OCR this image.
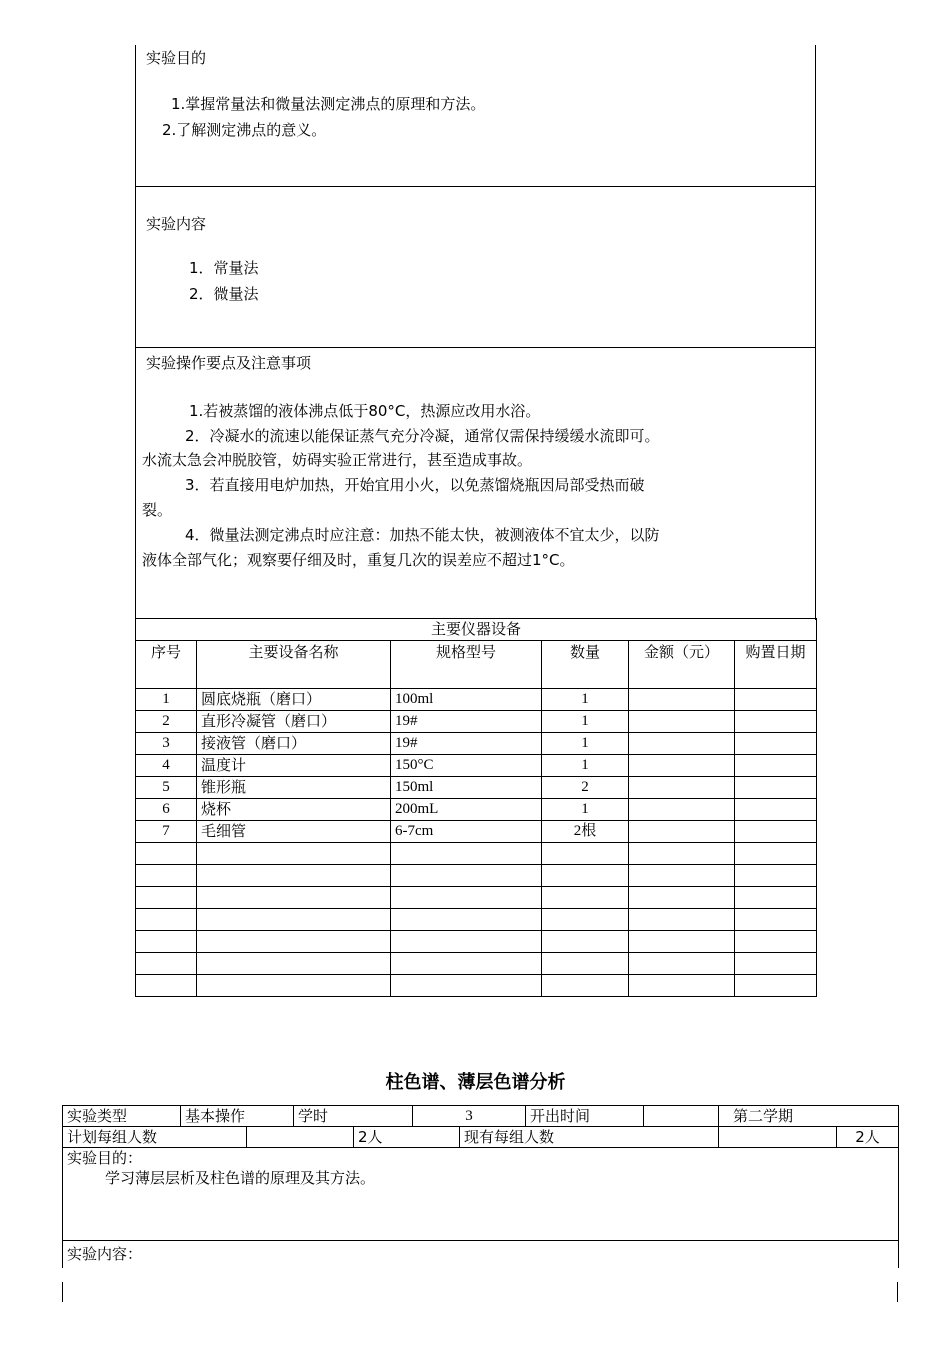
实验目的
1.掌握常量法和微量法测定沸点的原理和方法。
2.了解测定沸点的意义。
实验内容
1．常量法
2．微量法
实验操作要点及注意事项
1.若被蒸馏的液体沸点低于80°C，热源应改用水浴。
2．冷凝水的流速以能保证蒸气充分冷凝，通常仅需保持缓缓水流即可。
水流太急会冲脱胶管，妨碍实验正常进行，甚至造成事故。
3．若直接用电炉加热，开始宜用小火，以免蒸馏烧瓶因局部受热而破
裂。
4．微量法测定沸点时应注意：加热不能太快，被测液体不宜太少，以防
液体全部气化；观察要仔细及时，重复几次的误差应不超过1°C。
主要仪器设备					
序号	主要设备名称	规格型号	数量	金额（元）	购置日期
1	圆底烧瓶（磨口）	100ml	1		
2	直形冷凝管（磨口）	19#	1		
3	接液管（磨口）	19#	1		
4	温度计	150°C	1		
5	锥形瓶	150ml	2		
6	烧杯	200mL	1		
7	毛细管	6-7cm	2根		

柱色谱、薄层色谱分析
实验类型	基本操作		学时		3		开出时间		第二学期	
计划每组人数				2人		现有每组人数				2人

实验目的：
学习薄层层析及柱色谱的原理及其方法。										

实验内容：										
